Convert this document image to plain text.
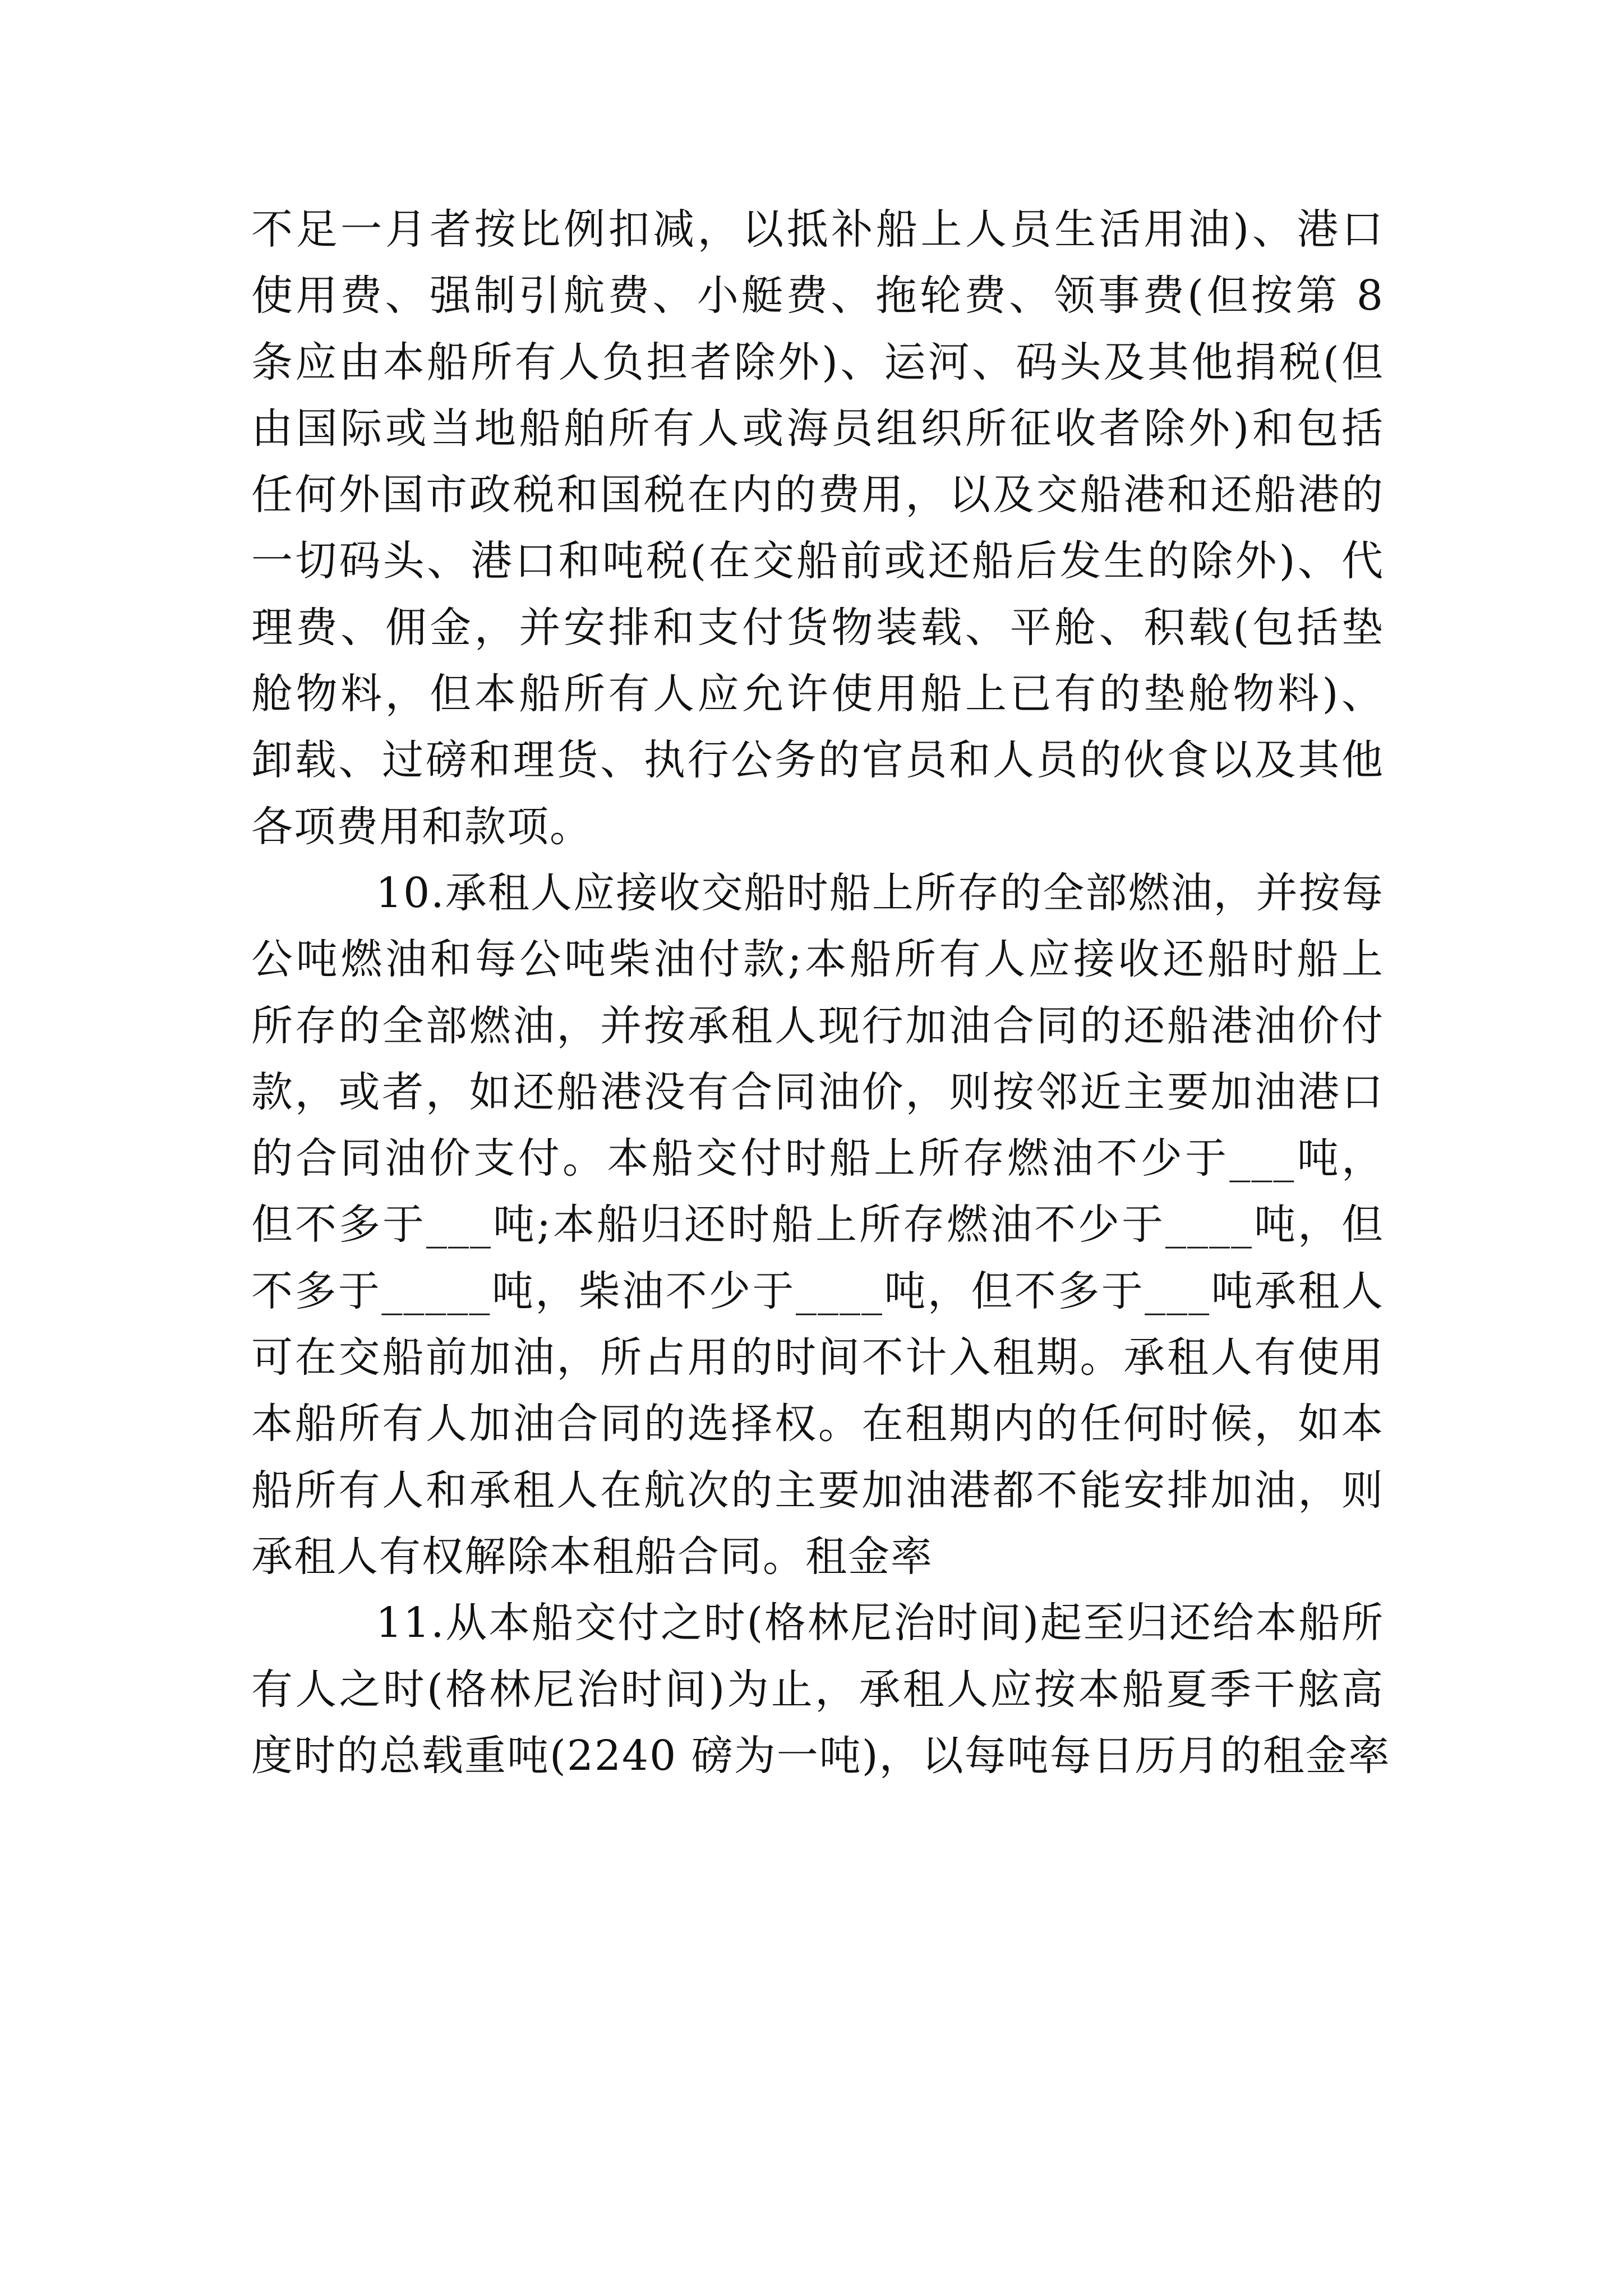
不足一月者按比例扣减，以抵补船上人员生活用油)、港口
使用费、强制引航费、小艇费、拖轮费、领事费(但按第 8
条应由本船所有人负担者除外)、运河、码头及其他捐税(但
由国际或当地船舶所有人或海员组织所征收者除外)和包括
任何外国市政税和国税在内的费用，以及交船港和还船港的
一切码头、港口和吨税(在交船前或还船后发生的除外)、代
理费、佣金，并安排和支付货物装载、平舱、积载(包括垫
舱物料，但本船所有人应允许使用船上已有的垫舱物料)、
卸载、过磅和理货、执行公务的官员和人员的伙食以及其他
各项费用和款项。
10.承租人应接收交船时船上所存的全部燃油，并按每
公吨燃油和每公吨柴油付款;本船所有人应接收还船时船上
所存的全部燃油，并按承租人现行加油合同的还船港油价付
款，或者，如还船港没有合同油价，则按邻近主要加油港口
的合同油价支付。本船交付时船上所存燃油不少于___吨，
但不多于___吨;本船归还时船上所存燃油不少于____吨，但
不多于_____吨，柴油不少于____吨，但不多于___吨承租人
可在交船前加油，所占用的时间不计入租期。承租人有使用
本船所有人加油合同的选择权。在租期内的任何时候，如本
船所有人和承租人在航次的主要加油港都不能安排加油，则
承租人有权解除本租船合同。租金率
11.从本船交付之时(格林尼治时间)起至归还给本船所
有人之时(格林尼治时间)为止，承租人应按本船夏季干舷高
度时的总载重吨(2240 磅为一吨)，以每吨每日历月的租金率
